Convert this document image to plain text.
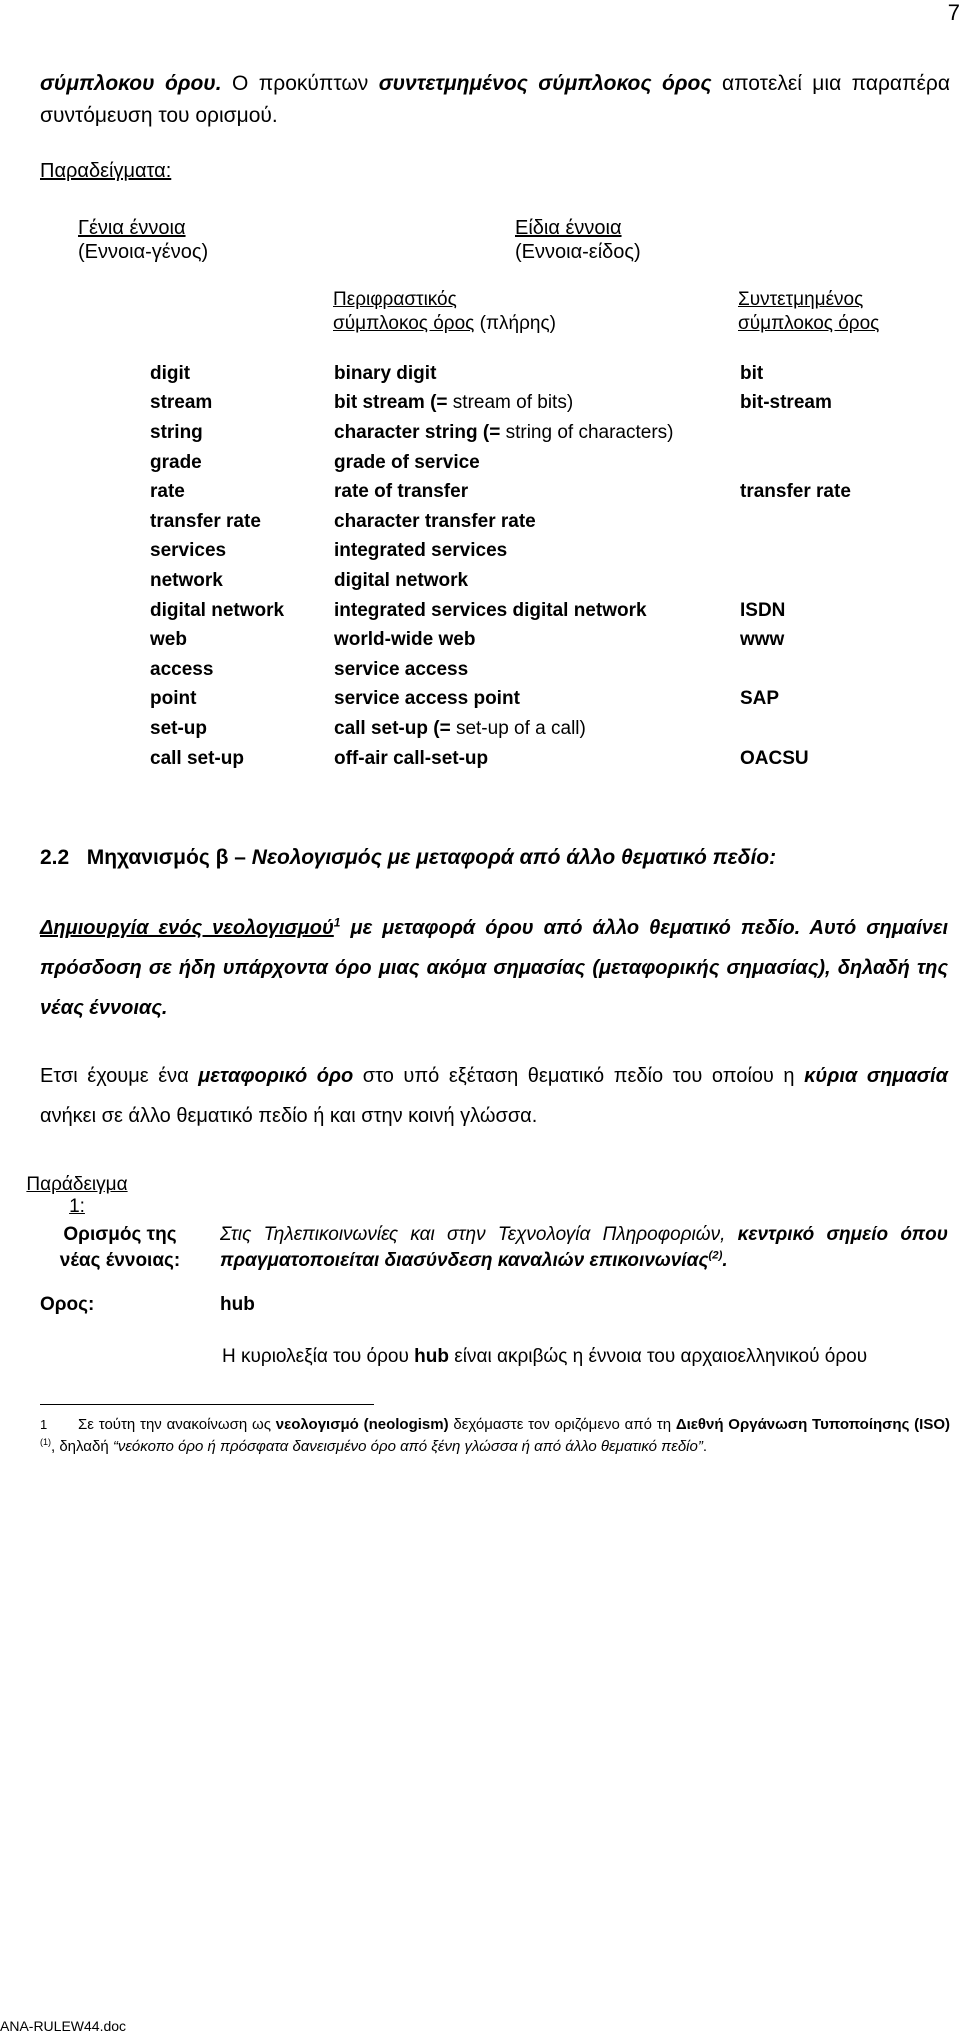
7

σύμπλοκου όρου. Ο προκύπτων συντετμημένος σύμπλοκος όρος αποτελεί μια παραπέρα συντόμευση του ορισμού.

Παραδείγματα:
Γένια έννοια
(Εννοια-γένος)
Είδια έννοια
(Εννοια-είδος)
Περιφραστικός
σύμπλοκος όρος (πλήρης)
Συντετμημένος
σύμπλοκος όρος
digit	binary digit	bit
stream	bit stream (= stream of bits)	bit-stream
string	character string (= string of characters)	
grade	grade of service	
rate	rate of transfer	transfer rate
transfer rate	character transfer rate	
services	integrated services	
network	digital network	
digital network	integrated services digital network	ISDN
web	world-wide web	www
access	service access	
point	service access point	SAP
set-up	call set-up (= set-up of a call)	
call set-up	off-air call-set-up	OACSU
2.2 Μηχανισμός β – Νεολογισμός με μεταφορά από άλλο θεματικό πεδίο:

Δημιουργία ενός νεολογισμού$^1$ με μεταφορά όρου από άλλο θεματικό πεδίο. Αυτό σημαίνει πρόσδοση σε ήδη υπάρχοντα όρο μιας ακόμα σημασίας (μεταφορικής σημασίας), δηλαδή της νέας έννοιας.

Ετσι έχουμε ένα μεταφορικό όρο στο υπό εξέταση θεματικό πεδίο του οποίου η κύρια σημασία ανήκει σε άλλο θεματικό πεδίο ή και στην κοινή γλώσσα.

Παράδειγμα 1:
Ορισμός της
νέας έννοιας:

Στις Τηλεπικοινωνίες και στην Τεχνολογία Πληροφοριών, κεντρικό σημείο όπου πραγματοποιείται διασύνδεση καναλιών επικοινωνίας$^{(2)}$.

Ορος:	hub
Η κυριολεξία του όρου hub είναι ακριβώς η έννοια του αρχαιοελληνικού όρου
1	Σε τούτη την ανακοίνωση ως νεολογισμό (neologism) δεχόμαστε τον οριζόμενο από τη Διεθνή Οργάνωση Τυποποίησης (ISO) $^{(1)}$, δηλαδή “νεόκοπο όρο ή πρόσφατα δανεισμένο όρο από ξένη γλώσσα ή από άλλο θεματικό πεδίο”.

ANA-RULEW44.doc
